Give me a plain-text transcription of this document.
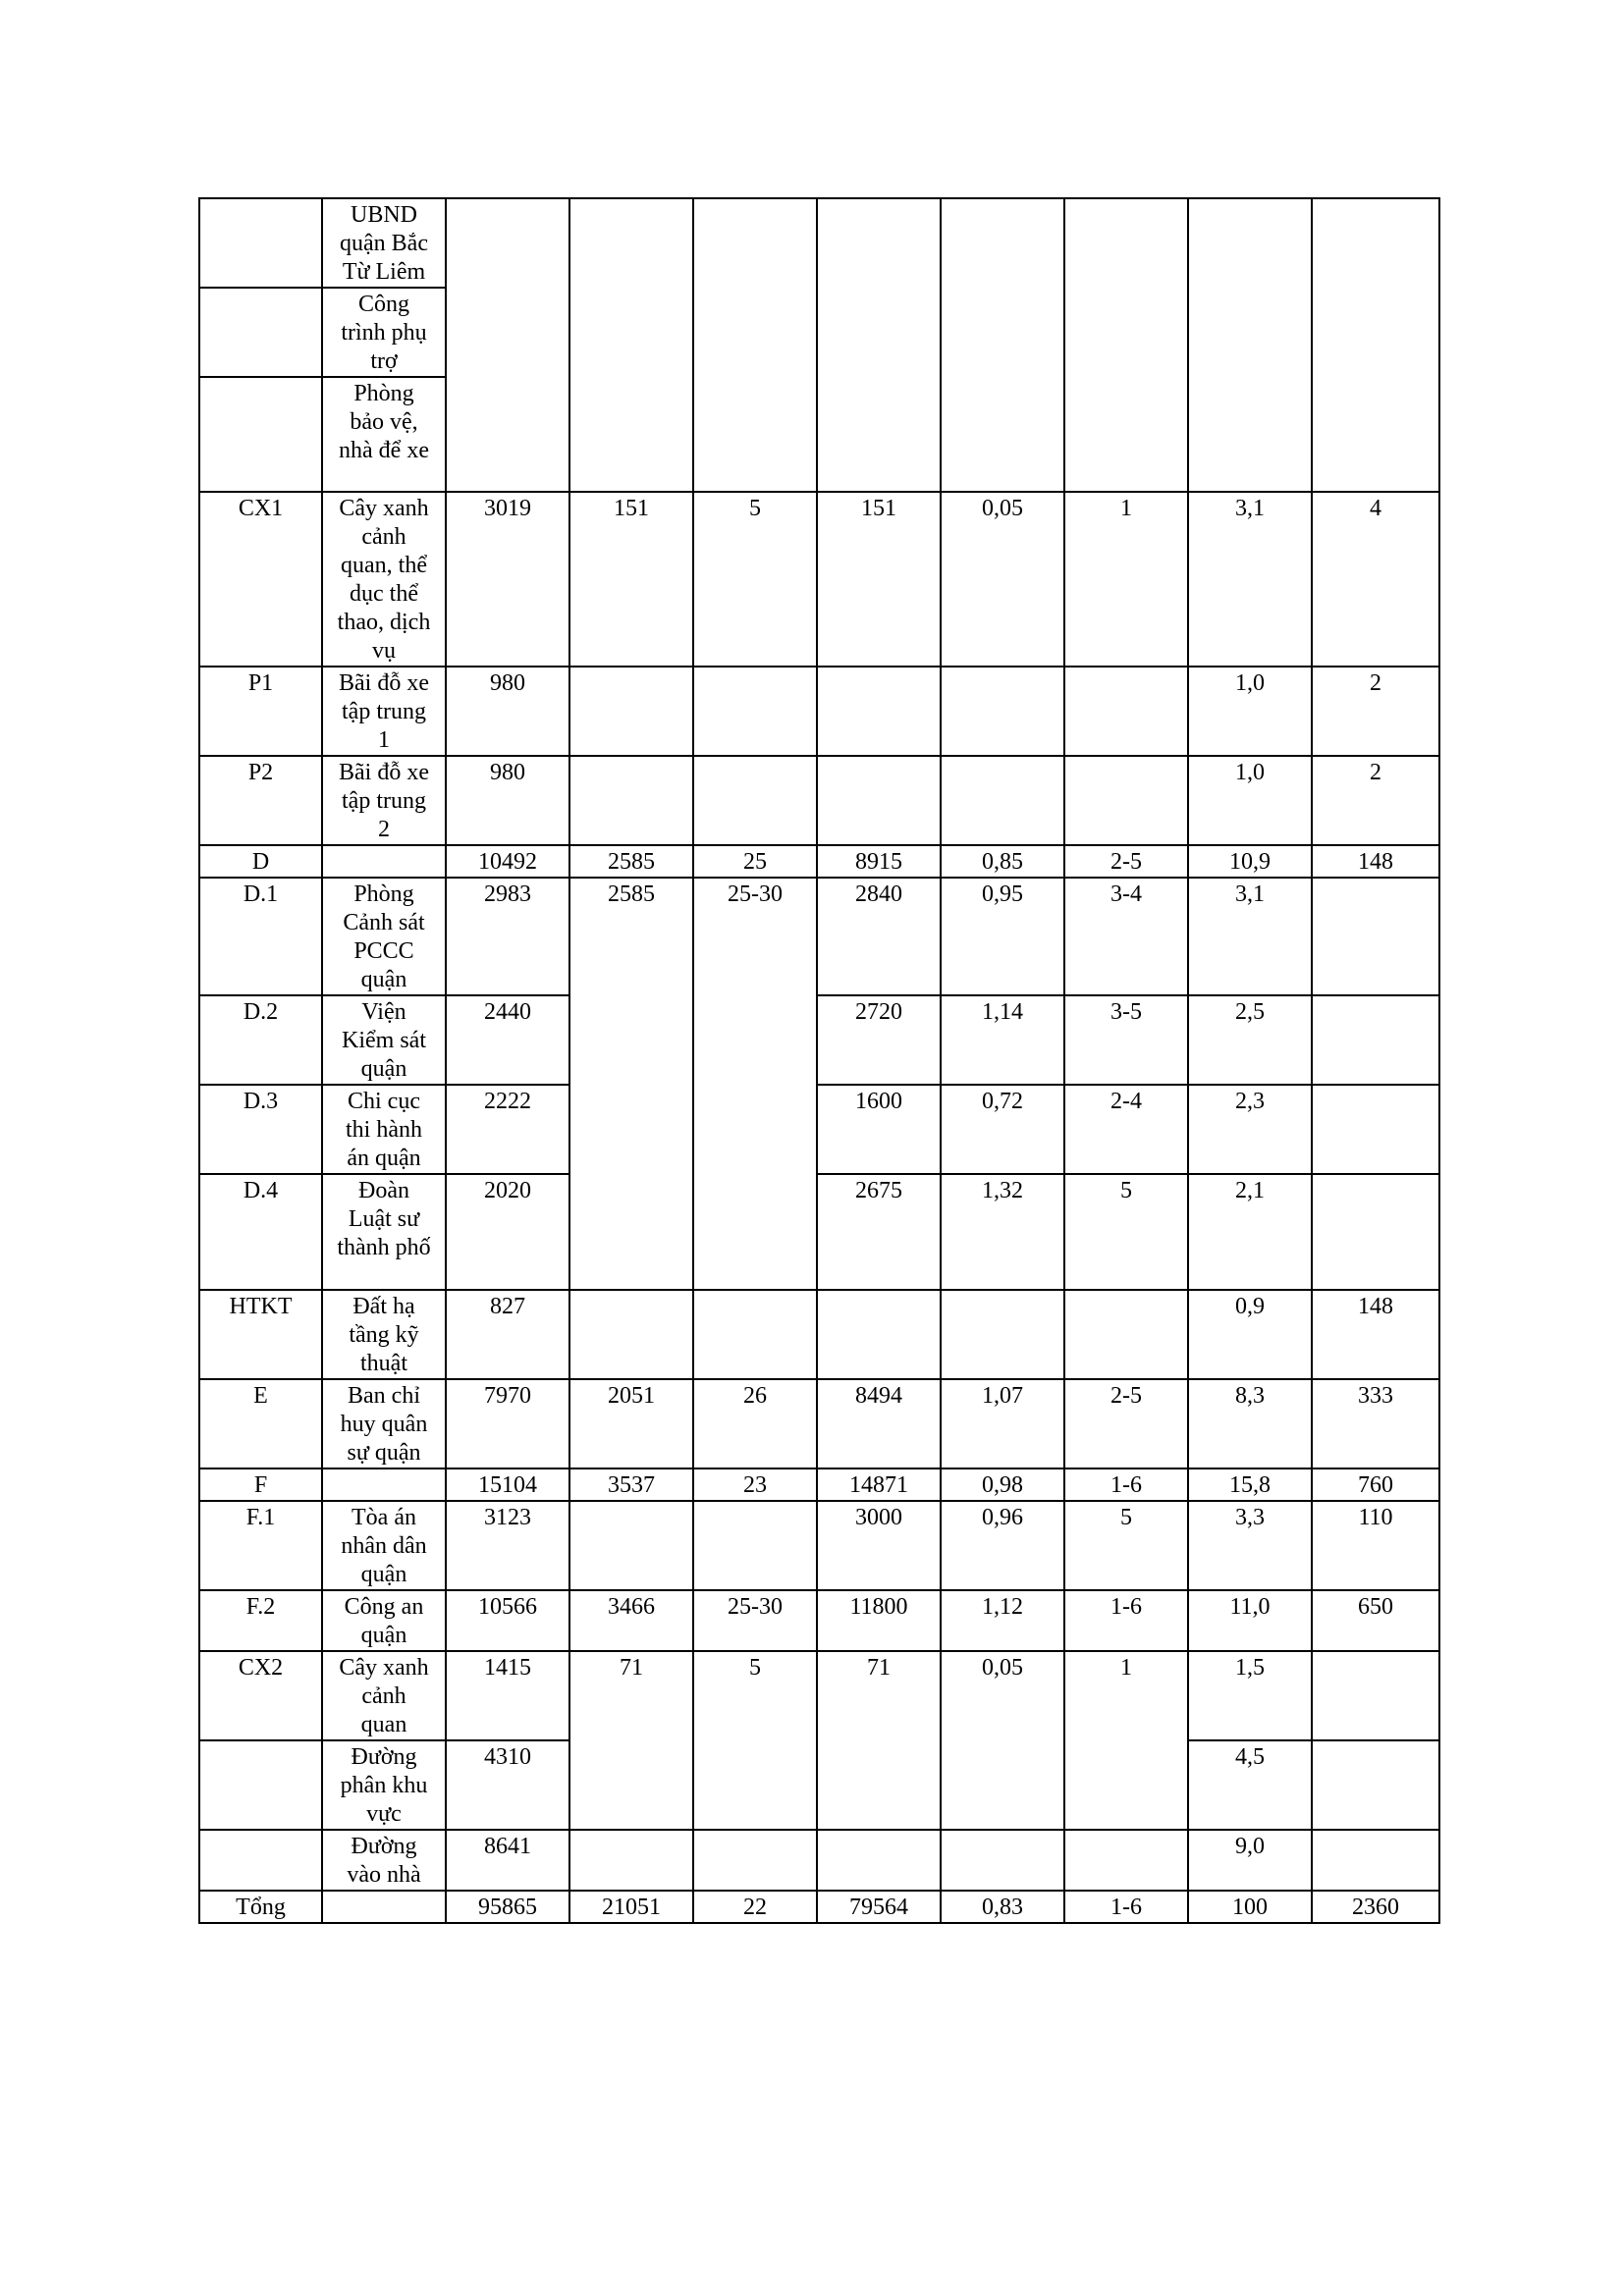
	UBND quận Bắc Từ Liêm								
	Công trình phụ trợ								
	Phòng bảo vệ, nhà để xe								
CX1	Cây xanh cảnh quan, thể dục thể thao, dịch vụ	3019	151	5	151	0,05	1	3,1	4
P1	Bãi đỗ xe tập trung 1	980						1,0	2
P2	Bãi đỗ xe tập trung 2	980						1,0	2
D		10492	2585	25	8915	0,85	2-5	10,9	148
D.1	Phòng Cảnh sát PCCC quận	2983	2585	25-30	2840	0,95	3-4	3,1	
D.2	Viện Kiểm sát quận	2440			2720	1,14	3-5	2,5	
D.3	Chi cục thi hành án quận	2222			1600	0,72	2-4	2,3	
D.4	Đoàn Luật sư thành phố	2020			2675	1,32	5	2,1	
HTKT	Đất hạ tầng kỹ thuật	827						0,9	148
E	Ban chỉ huy quân sự quận	7970	2051	26	8494	1,07	2-5	8,3	333
F		15104	3537	23	14871	0,98	1-6	15,8	760
F.1	Tòa án nhân dân quận	3123			3000	0,96	5	3,3	110
F.2	Công an quận	10566	3466	25-30	11800	1,12	1-6	11,0	650
CX2	Cây xanh cảnh quan	1415	71	5	71	0,05	1	1,5	
	Đường phân khu vực	4310						4,5	
	Đường vào nhà	8641						9,0	
Tổng		95865	21051	22	79564	0,83	1-6	100	2360
